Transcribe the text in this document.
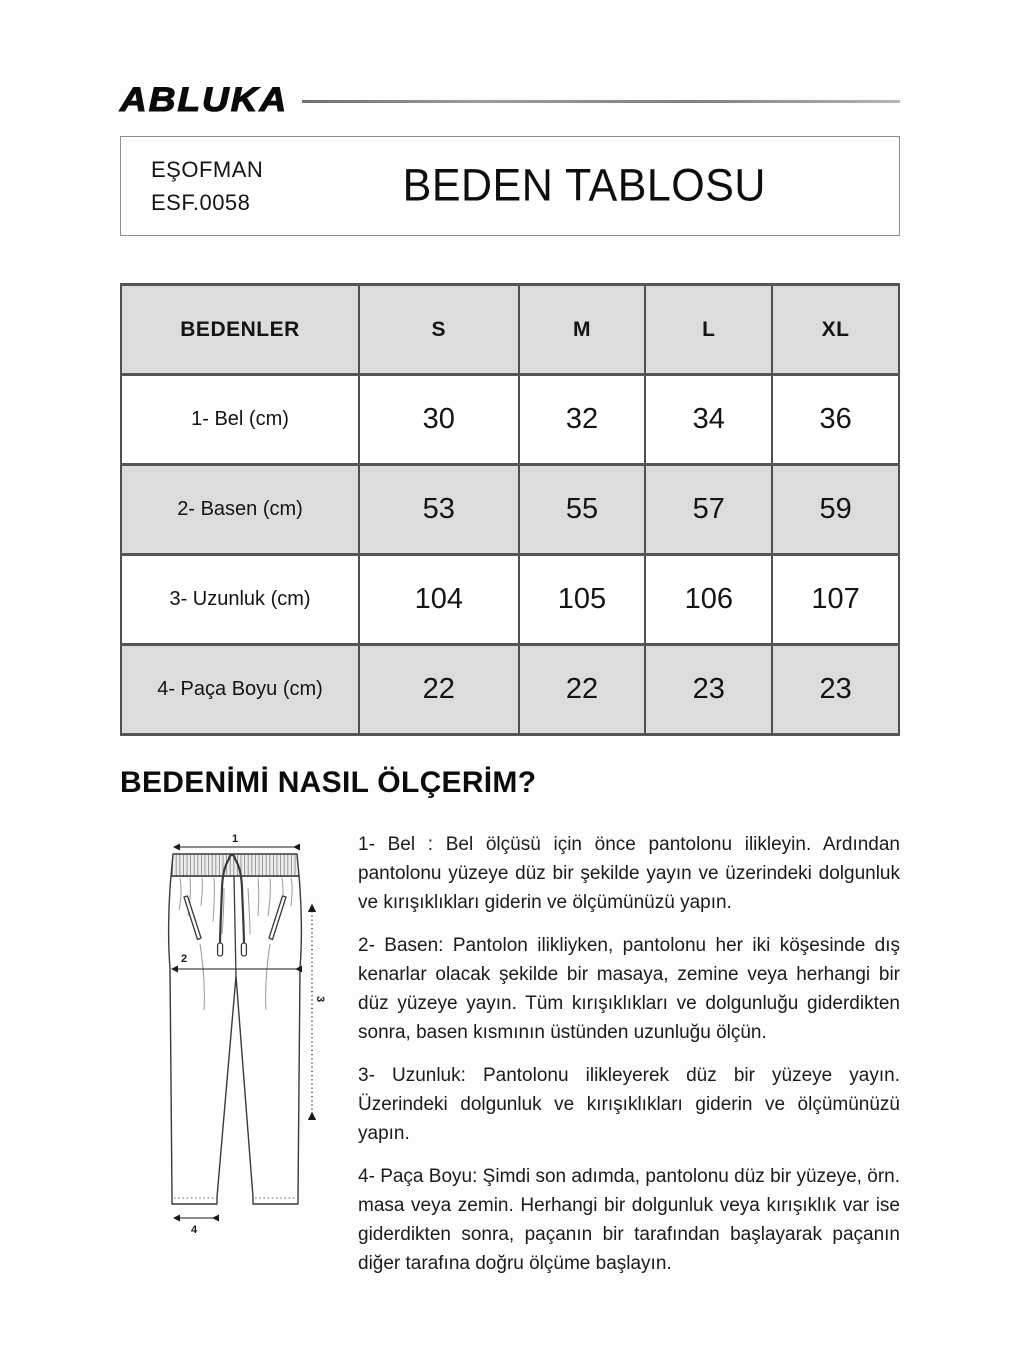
ABLUKA
EŞOFMAN
ESF.0058	BEDEN TABLOSU
BEDENLER	S	M	L	XL
1- Bel (cm)	30	32	34	36
2- Basen (cm)	53	55	57	59
3- Uzunluk (cm)	104	105	106	107
4- Paça Boyu (cm)	22	22	23	23
BEDENİMİ NASIL ÖLÇERİM?
1
2
3
4

1- Bel : Bel ölçüsü için önce pantolonu ilikleyin. Ardından pantolonu yüzeye düz bir şekilde yayın ve üzerindeki dolgunluk ve kırışıklıkları giderin ve ölçümünüzü yapın.

2- Basen: Pantolon ilikliyken, pantolonu her iki köşesinde dış kenarlar olacak şekilde bir masaya, zemine veya herhangi bir düz yüzeye yayın. Tüm kırışıklıkları ve dolgunluğu giderdikten sonra, basen kısmının üstünden uzunluğu ölçün.

3- Uzunluk: Pantolonu ilikleyerek düz bir yüzeye yayın. Üzerindeki dolgunluk ve kırışıklıkları giderin ve ölçümünüzü yapın.

4- Paça Boyu: Şimdi son adımda, pantolonu düz bir yüzeye, örn. masa veya zemin. Herhangi bir dolgunluk veya kırışıklık var ise giderdikten sonra, paçanın bir tarafından başlayarak paçanın diğer tarafına doğru ölçüme başlayın.
